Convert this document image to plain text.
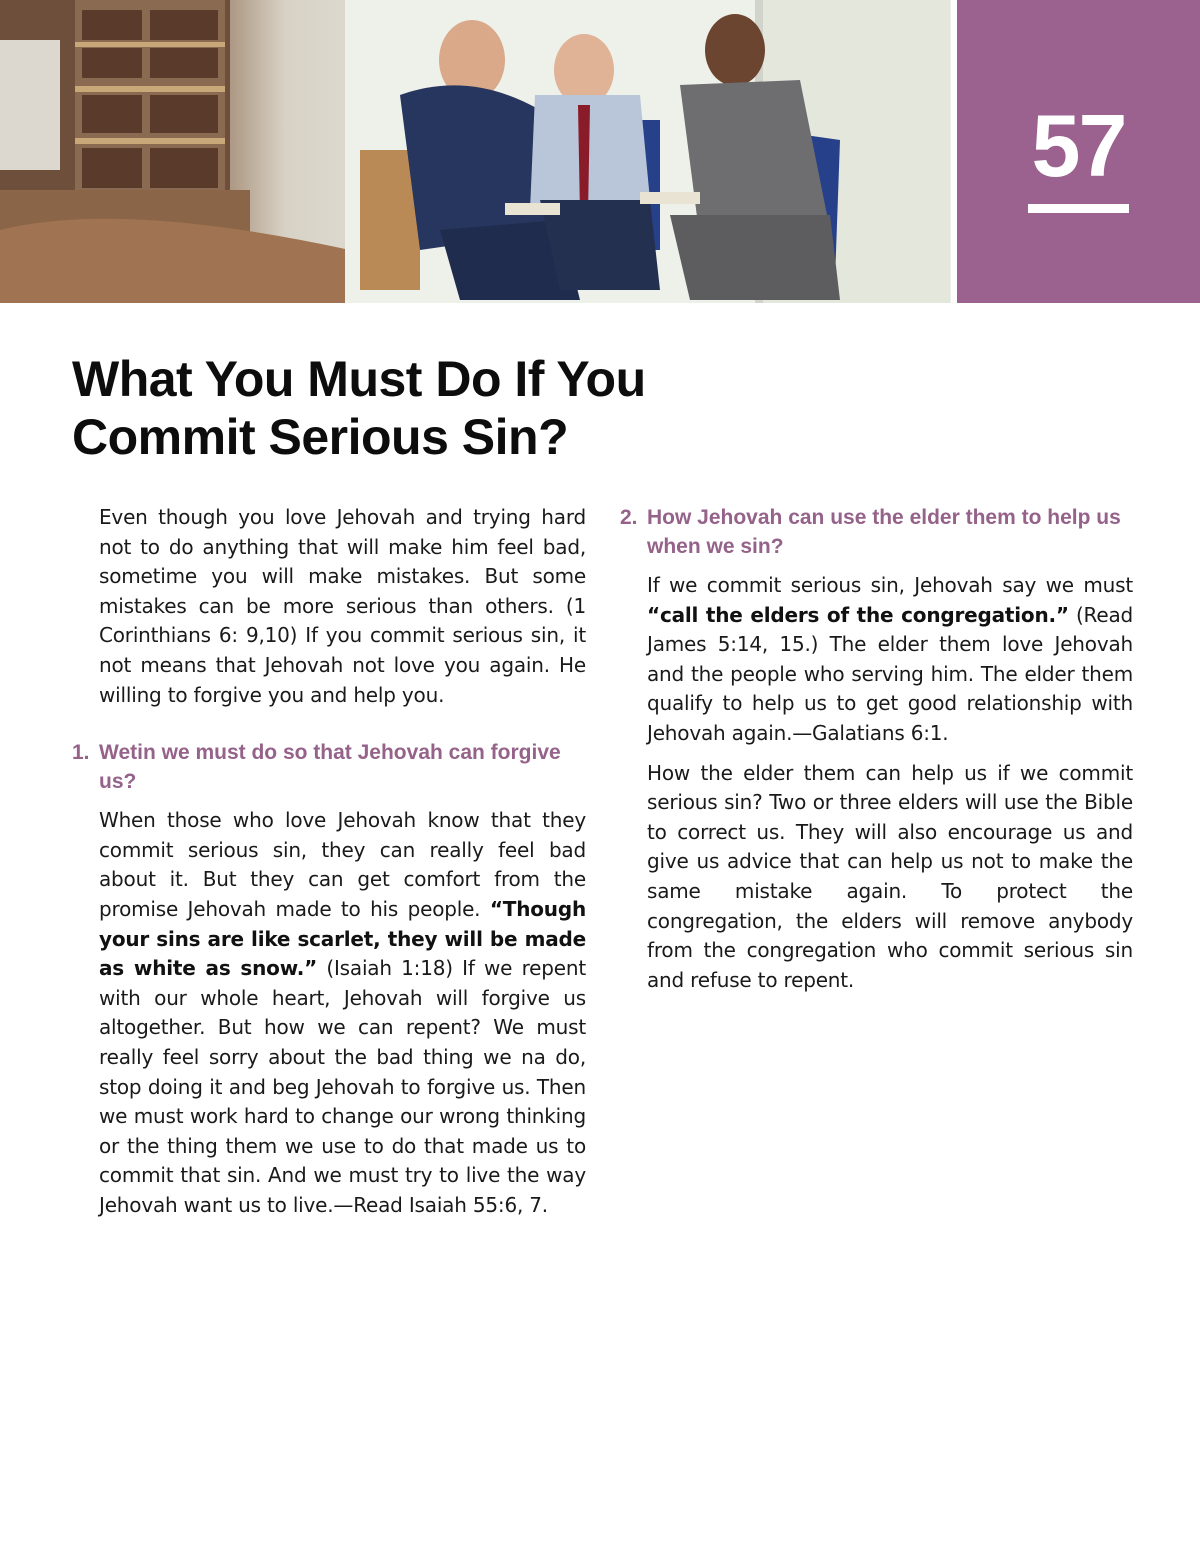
57
What You Must Do If You Commit Serious Sin?

Even though you love Jehovah and trying hard not to do anything that will make him feel bad, sometime you will make mistakes. But some mistakes can be more serious than others. (1 Corinthians 6: 9,10) If you commit serious sin, it not means that Jehovah not love you again. He willing to forgive you and help you.

1. Wetin we must do so that Jehovah can forgive us?

When those who love Jehovah know that they commit serious sin, they can really feel bad about it. But they can get comfort from the promise Jehovah made to his people. “Though your sins are like scarlet, they will be made as white as snow.” (Isaiah 1:18) If we repent with our whole heart, Jehovah will forgive us altogether. But how we can repent? We must really feel sorry about the bad thing we na do, stop doing it and beg Jehovah to forgive us. Then we must work hard to change our wrong thinking or the thing them we use to do that made us to commit that sin. And we must try to live the way Jehovah want us to live.—Read Isaiah 55:6, 7.

2. How Jehovah can use the elder them to help us when we sin?

If we commit serious sin, Jehovah say we must “call the elders of the congregation.” (Read James 5:14, 15.) The elder them love Jehovah and the people who serving him. The elder them qualify to help us to get good relationship with Jehovah again.—Galatians 6:1.

How the elder them can help us if we commit serious sin? Two or three elders will use the Bible to correct us. They will also encourage us and give us advice that can help us not to make the same mistake again. To protect the congregation, the elders will remove anybody from the congregation who commit serious sin and refuse to repent.
